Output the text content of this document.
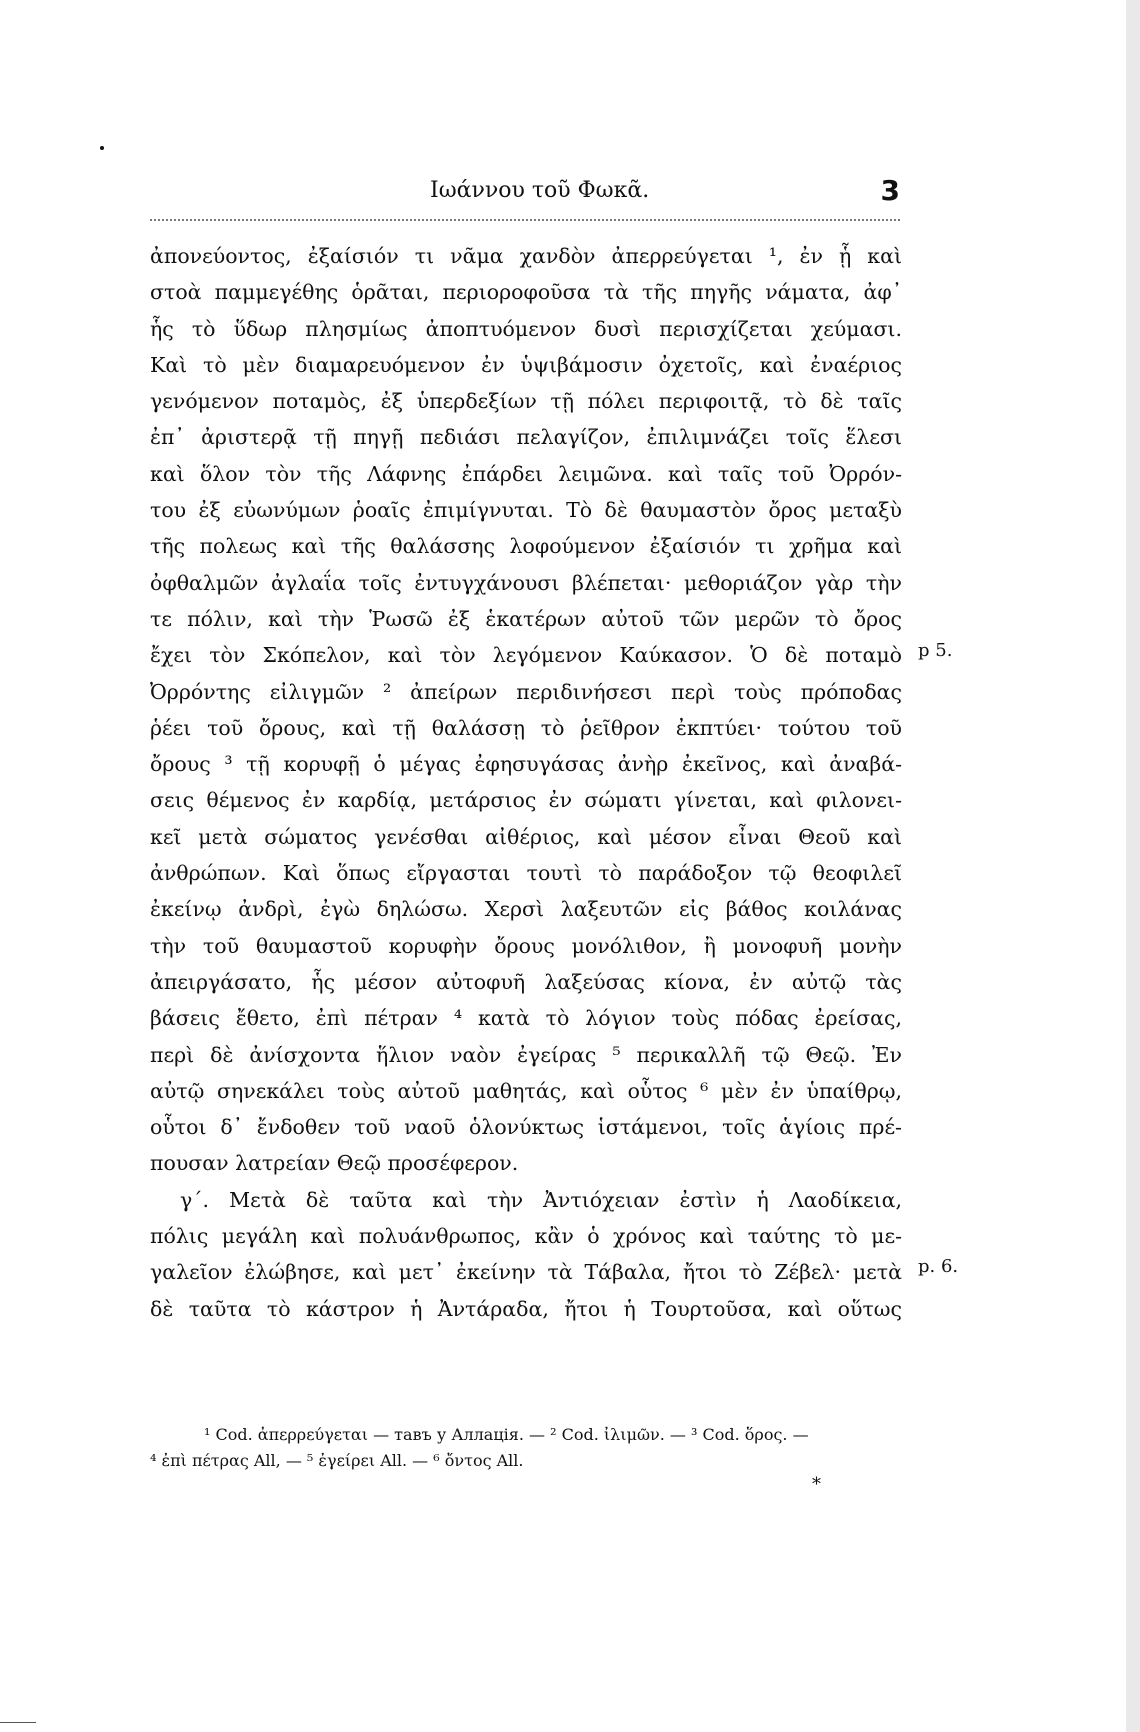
Ιωάννου τοῦ Φωκᾶ.	3
ἀπονεύοντος, ἐξαίσιόν τι νᾶμα χανδὸν ἀπερρεύγεται ¹, ἐν ᾗ καὶ
στοὰ παμμεγέθης ὁρᾶται, περιοροφοῦσα τὰ τῆς πηγῆς νάματα, ἀφ᾽
ἧς τὸ ὕδωρ πλησμίως ἀποπτυόμενον δυσὶ περισχίζεται χεύμασι.
Καὶ τὸ μὲν διαμαρευόμενον ἐν ὑψιβάμοσιν ὀχετοῖς, καὶ ἐναέριος
γενόμενον ποταμὸς, ἐξ ὑπερδεξίων τῇ πόλει περιφοιτᾷ, τὸ δὲ ταῖς
ἐπ᾽ ἀριστερᾷ τῇ πηγῇ πεδιάσι πελαγίζον, ἐπιλιμνάζει τοῖς ἕλεσι
καὶ ὅλον τὸν τῆς Λάφνης ἐπάρδει λειμῶνα. καὶ ταῖς τοῦ Ὀρρόν-
του ἐξ εὐωνύμων ῥοαῖς ἐπιμίγνυται. Τὸ δὲ θαυμαστὸν ὄρος μεταξὺ
τῆς πολεως καὶ τῆς θαλάσσης λοφούμενον ἐξαίσιόν τι χρῆμα καὶ
ὀφθαλμῶν ἀγλαΐα τοῖς ἐντυγχάνουσι βλέπεται· μεθοριάζον γὰρ τὴν
τε πόλιν, καὶ τὴν Ῥωσῶ ἐξ ἑκατέρων αὐτοῦ τῶν μερῶν τὸ ὄρος
ἔχει τὸν Σκόπελον, καὶ τὸν λεγόμενον Καύκασον. Ὁ δὲ ποταμὸ
Ὀρρόντης εἰλιγμῶν ² ἀπείρων περιδινήσεσι περὶ τοὺς πρόποδας
ῥέει τοῦ ὄρους, καὶ τῇ θαλάσσῃ τὸ ῥεῖθρον ἐκπτύει· τούτου τοῦ
ὄρους ³ τῇ κορυφῇ ὁ μέγας ἐφησυγάσας ἀνὴρ ἐκεῖνος, καὶ ἀναβά-
σεις θέμενος ἐν καρδίᾳ, μετάρσιος ἐν σώματι γίνεται, καὶ φιλονει-
κεῖ μετὰ σώματος γενέσθαι αἰθέριος, καὶ μέσον εἶναι Θεοῦ καὶ
ἀνθρώπων. Καὶ ὅπως εἴργασται τουτὶ τὸ παράδοξον τῷ θεοφιλεῖ
ἐκείνῳ ἀνδρὶ, ἐγὼ δηλώσω. Χερσὶ λαξευτῶν εἰς βάθος κοιλάνας
τὴν τοῦ θαυμαστοῦ κορυφὴν ὄρους μονόλιθον, ἢ μονοφυῆ μονὴν
ἀπειργάσατο, ἧς μέσον αὐτοφυῆ λαξεύσας κίονα, ἐν αὐτῷ τὰς
βάσεις ἔθετο, ἐπὶ πέτραν ⁴ κατὰ τὸ λόγιον τοὺς πόδας ἐρείσας,
περὶ δὲ ἀνίσχοντα ἥλιον ναὸν ἐγείρας ⁵ περικαλλῆ τῷ Θεῷ. Ἐν
αὐτῷ σηνεκάλει τοὺς αὐτοῦ μαθητάς, καὶ οὗτος ⁶ μὲν ἐν ὑπαίθρῳ,
οὗτοι δ᾽ ἔνδοθεν τοῦ ναοῦ ὁλονύκτως ἱστάμενοι, τοῖς ἁγίοις πρέ-
πουσαν λατρείαν Θεῷ προσέφερον.
γ΄. Μετὰ δὲ ταῦτα καὶ τὴν Ἀντιόχειαν ἐστὶν ἡ Λαοδίκεια,
πόλις μεγάλη καὶ πολυάνθρωπος, κἂν ὁ χρόνος καὶ ταύτης τὸ με-
γαλεῖον ἐλώβησε, καὶ μετ᾽ ἐκείνην τὰ Τάβαλα, ἤτοι τὸ Ζέβελ· μετὰ
δὲ ταῦτα τὸ κάστρον ἡ Ἀντάραδα, ἤτοι ἡ Τουρτοῦσα, καὶ οὕτως
p 5.
p. 6.
¹ Cod. ἀπερρεύγεται — тавъ у Аллація. — ² Cod. ἰλιμῶν. — ³ Cod. ὅρος. —
⁴ ἐπὶ πέτρας All, — ⁵ ἐγείρει All. — ⁶ ὄντος All.
*
